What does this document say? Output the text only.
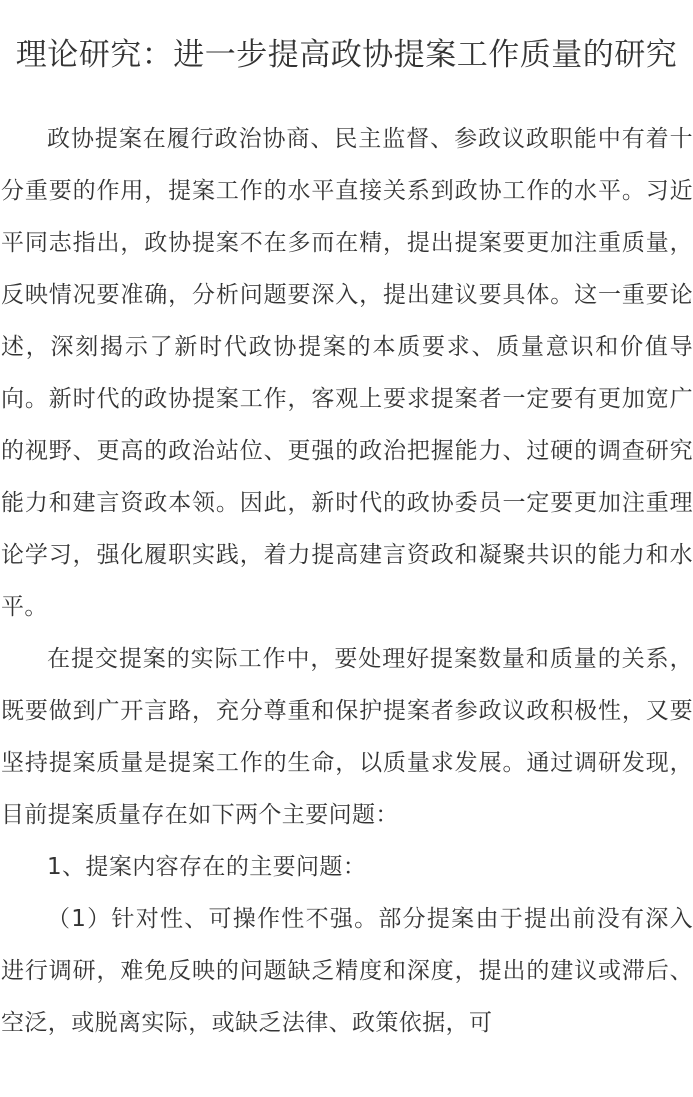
理论研究：进一步提高政协提案工作质量的研究

政协提案在履行政治协商、民主监督、参政议政职能中有着十分重要的作用，提案工作的水平直接关系到政协工作的水平。习近平同志指出，政协提案不在多而在精，提出提案要更加注重质量，反映情况要准确，分析问题要深入，提出建议要具体。这一重要论述，深刻揭示了新时代政协提案的本质要求、质量意识和价值导向。新时代的政协提案工作，客观上要求提案者一定要有更加宽广的视野、更高的政治站位、更强的政治把握能力、过硬的调查研究能力和建言资政本领。因此，新时代的政协委员一定要更加注重理论学习，强化履职实践，着力提高建言资政和凝聚共识的能力和水平。

在提交提案的实际工作中，要处理好提案数量和质量的关系，既要做到广开言路，充分尊重和保护提案者参政议政积极性，又要坚持提案质量是提案工作的生命，以质量求发展。通过调研发现，目前提案质量存在如下两个主要问题：

1、提案内容存在的主要问题：

（1）针对性、可操作性不强。部分提案由于提出前没有深入进行调研，难免反映的问题缺乏精度和深度，提出的建议或滞后、空泛，或脱离实际，或缺乏法律、政策依据，可
